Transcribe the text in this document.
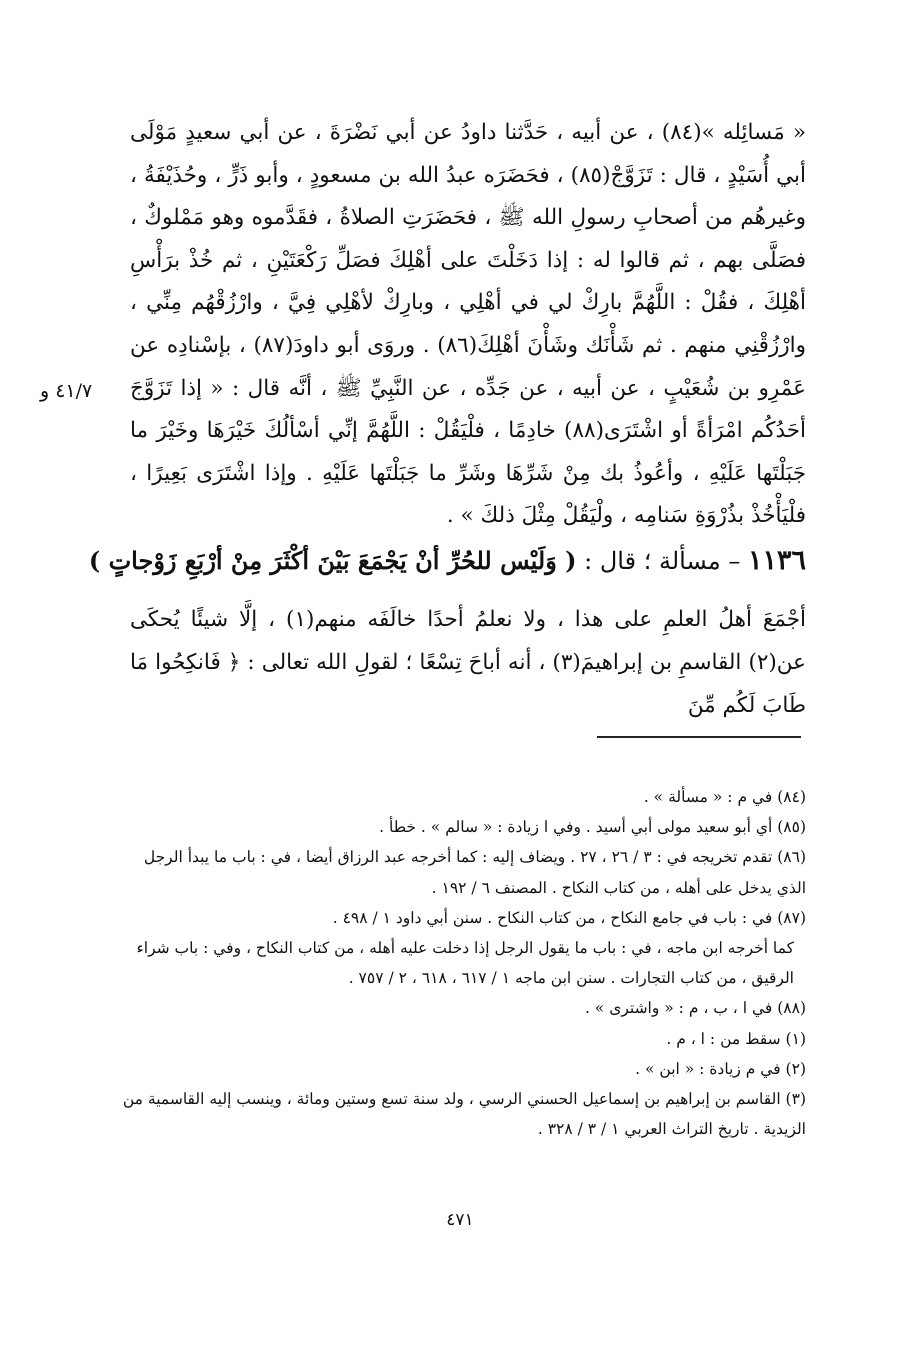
« مَسائِله »(٨٤) ، عن أبيه ، حَدَّثنا داودُ عن أبي نَضْرَةَ ، عن أبي سعيدٍ مَوْلَى أبي أُسَيْدٍ ، قال : تَزَوَّجْ(٨٥) ، فحَضَرَه عبدُ الله بن مسعودٍ ، وأبو ذَرٍّ ، وحُذَيْفَةُ ، وغيرهُم من أصحابِ رسولِ الله ﷺ ، فحَضَرَتِ الصلاةُ ، فقَدَّموه وهو مَمْلوكٌ ، فصَلَّى بهم ، ثم قالوا له : إذا دَخَلْتَ على أهْلِكَ فصَلِّ رَكْعَتَيْنِ ، ثم خُذْ برَأْسِ أهْلِكَ ، فقُلْ : اللَّهُمَّ بارِكْ لي في أهْلِي ، وبارِكْ لأهْلِي فِيَّ ، وارْزُقْهُم مِنِّي ، وارْزُقْنِي منهم . ثم شَأْنَك وشَأْنَ أهْلِكَ(٨٦) . وروَى أبو داودَ(٨٧) ، بإسْنادِه عن عَمْرِو بن شُعَيْبٍ ، عن أبيه ، عن جَدِّه ، عن النَّبِيِّ ﷺ ، أنَّه قال : « إذا تَزَوَّجَ أحَدُكُم امْرَأةً أو اشْتَرَى(٨٨) خادِمًا ، فلْيَقُلْ : اللَّهُمَّ إنِّي أسْألُكَ خَيْرَهَا وخَيْرَ ما جَبَلْتَها عَلَيْهِ ، وأعُوذُ بك مِنْ شَرِّهَا وشَرِّ ما جَبَلْتَها عَلَيْهِ . وإذا اشْتَرَى بَعِيرًا ، فلْيَأْخُذْ بذُرْوَةِ سَنامِه ، ولْيَقُلْ مِثْلَ ذلكَ » .
٤١/٧ و
١١٣٦ – مسألة ؛ قال : ( وَلَيْس للحُرِّ أنْ يَجْمَعَ بَيْنَ أكْثَرَ مِنْ أرْبَعِ زَوْجاتٍ )
أجْمَعَ أهلُ العلمِ على هذا ، ولا نعلمُ أحدًا خالَفَه منهم(١) ، إلَّا شيئًا يُحكَى عن(٢) القاسمِ بن إبراهيمَ(٣) ، أنه أباحَ تِسْعًا ؛ لقولِ الله تعالى : ﴿ فَانكِحُوا مَا طَابَ لَكُم مِّنَ

(٨٤) في م : « مسألة » .

(٨٥) أي أبو سعيد مولى أبي أسيد . وفي ا زيادة : « سالم » . خطأ .

(٨٦) تقدم تخريجه في : ٣ / ٢٦ ، ٢٧ . ويضاف إليه : كما أخرجه عبد الرزاق أيضا ، في : باب ما يبدأ الرجل الذي يدخل على أهله ، من كتاب النكاح . المصنف ٦ / ١٩٢ .

(٨٧) في : باب في جامع النكاح ، من كتاب النكاح . سنن أبي داود ١ / ٤٩٨ .

كما أخرجه ابن ماجه ، في : باب ما يقول الرجل إذا دخلت عليه أهله ، من كتاب النكاح ، وفي : باب شراء الرقيق ، من كتاب التجارات . سنن ابن ماجه ١ / ٦١٧ ، ٦١٨ ، ٢ / ٧٥٧ .

(٨٨) في ا ، ب ، م : « واشترى » .

(١) سقط من : ا ، م .

(٢) في م زيادة : « ابن » .

(٣) القاسم بن إبراهيم بن إسماعيل الحسني الرسي ، ولد سنة تسع وستين ومائة ، وينسب إليه القاسمية من الزيدية . تاريخ التراث العربي ١ / ٣ / ٣٢٨ .

٤٧١
